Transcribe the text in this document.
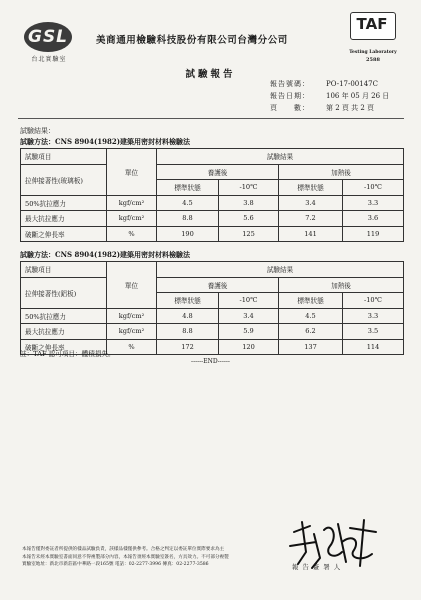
GSL
台北實驗室
美商通用檢驗科技股份有限公司台灣分公司
TAF
Testing Laboratory
2588
試驗報告
報告號碼：	PO-17-00147C
報告日期：	106 年 05 月 26 日
頁　　數：	第 2 頁 共 2 頁
試驗結果：
試驗方法：CNS 8904(1982)建築用密封材料檢驗法
試驗項目	單位	試驗結果			
拉伸接著性(玻璃板)		養護後		加熱後	
		標準狀態	-10℃	標準狀態	-10℃
50%抗拉應力	kgf/cm²	4.5	3.8	3.4	3.3
最大抗拉應力	kgf/cm²	8.8	5.6	7.2	3.6
破斷之伸長率	%	190	125	141	119
試驗方法：CNS 8904(1982)建築用密封材料檢驗法
試驗項目	單位	試驗結果			
拉伸接著性(鋁板)		養護後		加熱後	
		標準狀態	-10℃	標準狀態	-10℃
50%抗拉應力	kgf/cm²	4.8	3.4	4.5	3.3
最大抗拉應力	kgf/cm²	8.8	5.9	6.2	3.5
破斷之伸長率	%	172	120	137	114
註：TAF 認可項目：體積損失。
------END------
本報告僅對委託者所提供的樣品試驗負責，該樣品樣僅供參考。合格之判定以委託單位實際要求為主
本報告未經本實驗室書面同意不得複製部分內容，本報告須經本實驗室簽名，方具效力。不可部分複製
實驗室地址：新北市新莊區中華路一段165號 電話：02-2277-3996 傳真：02-2277-3586	報 告 簽 署 人
